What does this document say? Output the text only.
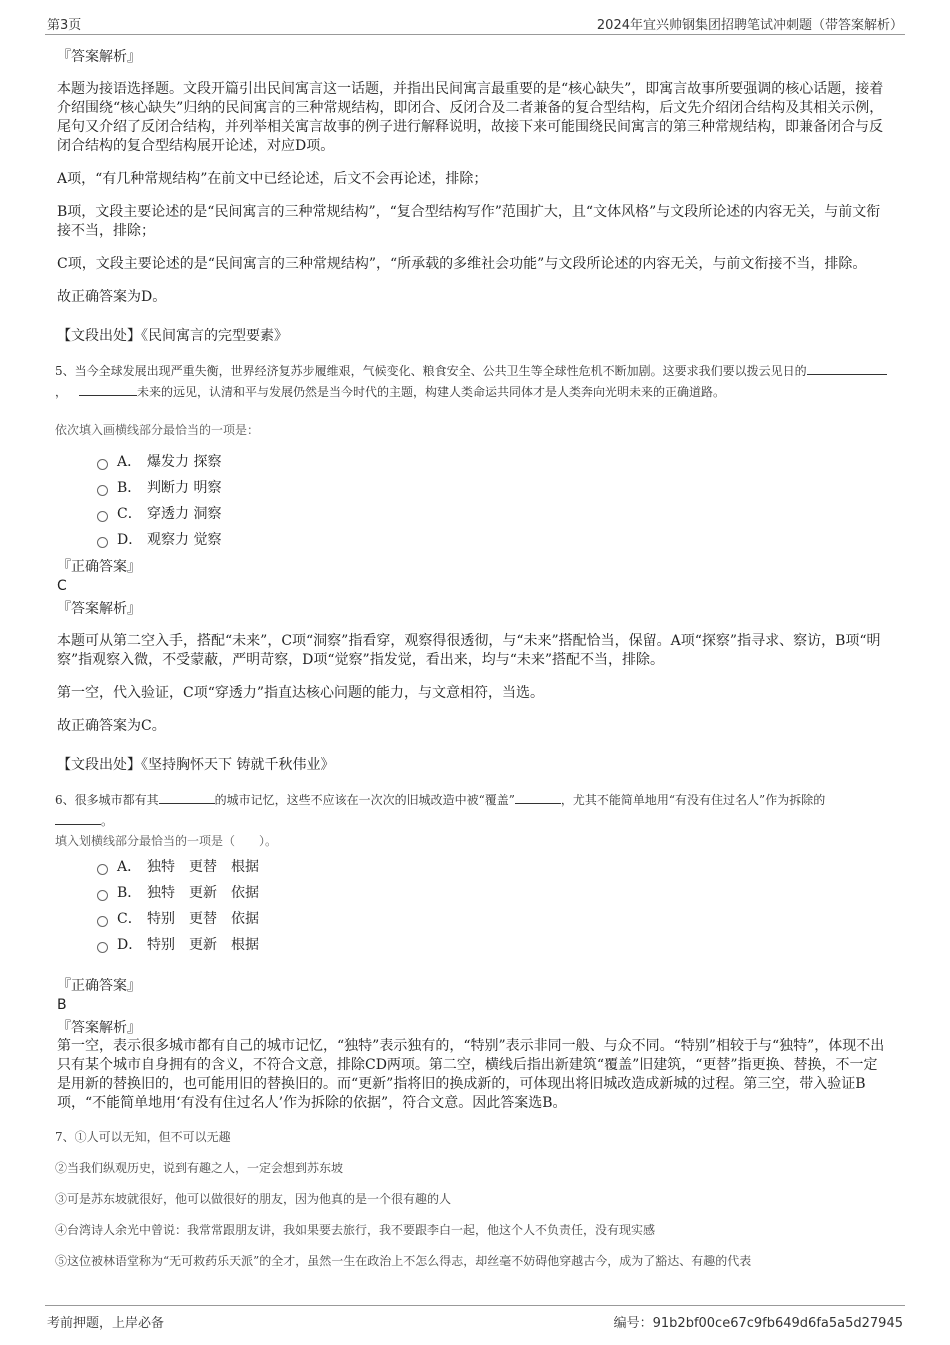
第3页	2024年宜兴帅钢集团招聘笔试冲刺题（带答案解析）
『答案解析』

本题为接语选择题。文段开篇引出民间寓言这一话题，并指出民间寓言最重要的是“核心缺失”，即寓言故事所要强调的核心话题，接着介绍围绕“核心缺失”归纳的民间寓言的三种常规结构，即闭合、反闭合及二者兼备的复合型结构，后文先介绍闭合结构及其相关示例，尾句又介绍了反闭合结构，并列举相关寓言故事的例子进行解释说明，故接下来可能围绕民间寓言的第三种常规结构，即兼备闭合与反闭合结构的复合型结构展开论述，对应D项。

A项，“有几种常规结构”在前文中已经论述，后文不会再论述，排除；

B项，文段主要论述的是“民间寓言的三种常规结构”，“复合型结构写作”范围扩大，且“文体风格”与文段所论述的内容无关，与前文衔接不当，排除；

C项，文段主要论述的是“民间寓言的三种常规结构”，“所承载的多维社会功能”与文段所论述的内容无关，与前文衔接不当，排除。

故正确答案为D。

【文段出处】《民间寓言的完型要素》

5、当今全球发展出现严重失衡，世界经济复苏步履维艰，气候变化、粮食安全、公共卫生等全球性危机不断加剧。这要求我们要以拨云见日的，	未来的远见，认清和平与发展仍然是当今时代的主题，构建人类命运共同体才是人类奔向光明未来的正确道路。

依次填入画横线部分最恰当的一项是：

A． 爆发力 探察
B． 判断力 明察
C． 穿透力 洞察
D． 观察力 觉察
『正确答案』
C
『答案解析』

本题可从第二空入手，搭配“未来”，C项“洞察”指看穿，观察得很透彻，与“未来”搭配恰当，保留。A项“探察”指寻求、察访，B项“明察”指观察入微，不受蒙蔽，严明苛察，D项“觉察”指发觉，看出来，均与“未来”搭配不当，排除。

第一空，代入验证，C项“穿透力”指直达核心问题的能力，与文意相符，当选。

故正确答案为C。

【文段出处】《坚持胸怀天下 铸就千秋伟业》

6、很多城市都有其	的城市记忆，这些不应该在一次次的旧城改造中被“覆盖”	，尤其不能简单地用“有没有住过名人”作为拆除的
。

填入划横线部分最恰当的一项是（　　）。

A． 独特　更替　根据
B． 独特　更新　依据
C． 特别　更替　依据
D． 特别　更新　根据
『正确答案』
B
『答案解析』

第一空，表示很多城市都有自己的城市记忆，“独特”表示独有的，“特别”表示非同一般、与众不同。“特别”相较于与“独特”，体现不出只有某个城市自身拥有的含义，不符合文意，排除CD两项。第二空，横线后指出新建筑“覆盖”旧建筑，“更替”指更换、替换，不一定是用新的替换旧的，也可能用旧的替换旧的。而“更新”指将旧的换成新的，可体现出将旧城改造成新城的过程。第三空，带入验证B项，“不能简单地用‘有没有住过名人’作为拆除的依据”，符合文意。因此答案选B。

7、①人可以无知，但不可以无趣

②当我们纵观历史，说到有趣之人，一定会想到苏东坡

③可是苏东坡就很好，他可以做很好的朋友，因为他真的是一个很有趣的人

④台湾诗人余光中曾说：我常常跟朋友讲，我如果要去旅行，我不要跟李白一起，他这个人不负责任，没有现实感

⑤这位被林语堂称为“无可救药乐天派”的全才，虽然一生在政治上不怎么得志，却丝毫不妨碍他穿越古今，成为了豁达、有趣的代表

考前押题，上岸必备	编号：91b2bf00ce67c9fb649d6fa5a5d27945
